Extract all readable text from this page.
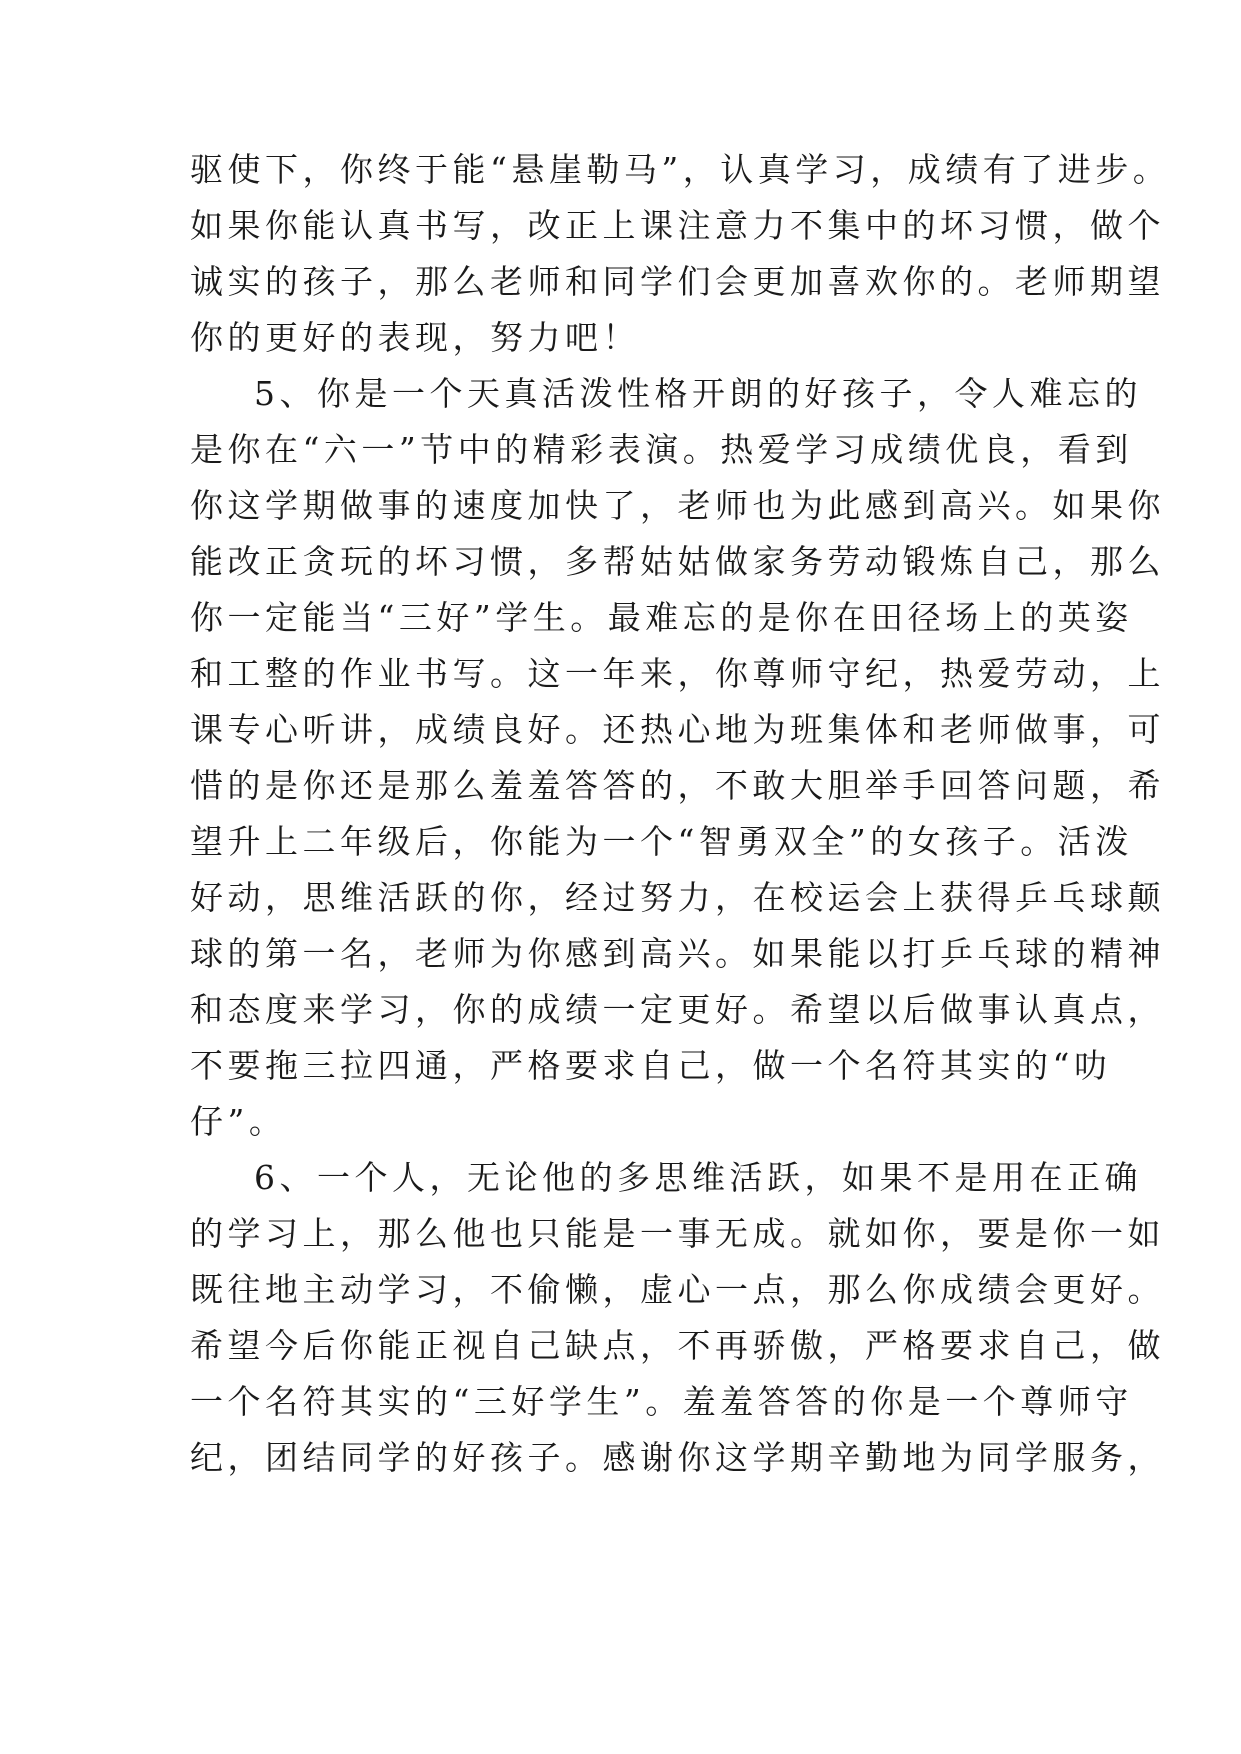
驱使下，你终于能“悬崖勒马”，认真学习，成绩有了进步。
如果你能认真书写，改正上课注意力不集中的坏习惯，做个
诚实的孩子，那么老师和同学们会更加喜欢你的。老师期望
你的更好的表现，努力吧！
5、你是一个天真活泼性格开朗的好孩子，令人难忘的
是你在“六一”节中的精彩表演。热爱学习成绩优良，看到
你这学期做事的速度加快了，老师也为此感到高兴。如果你
能改正贪玩的坏习惯，多帮姑姑做家务劳动锻炼自己，那么
你一定能当“三好”学生。最难忘的是你在田径场上的英姿
和工整的作业书写。这一年来，你尊师守纪，热爱劳动，上
课专心听讲，成绩良好。还热心地为班集体和老师做事，可
惜的是你还是那么羞羞答答的，不敢大胆举手回答问题，希
望升上二年级后，你能为一个“智勇双全”的女孩子。活泼
好动，思维活跃的你，经过努力，在校运会上获得乒乓球颠
球的第一名，老师为你感到高兴。如果能以打乒乓球的精神
和态度来学习，你的成绩一定更好。希望以后做事认真点，
不要拖三拉四通，严格要求自己，做一个名符其实的“叻
仔”。
6、一个人，无论他的多思维活跃，如果不是用在正确
的学习上，那么他也只能是一事无成。就如你，要是你一如
既往地主动学习，不偷懒，虚心一点，那么你成绩会更好。
希望今后你能正视自己缺点，不再骄傲，严格要求自己，做
一个名符其实的“三好学生”。羞羞答答的你是一个尊师守
纪，团结同学的好孩子。感谢你这学期辛勤地为同学服务，
